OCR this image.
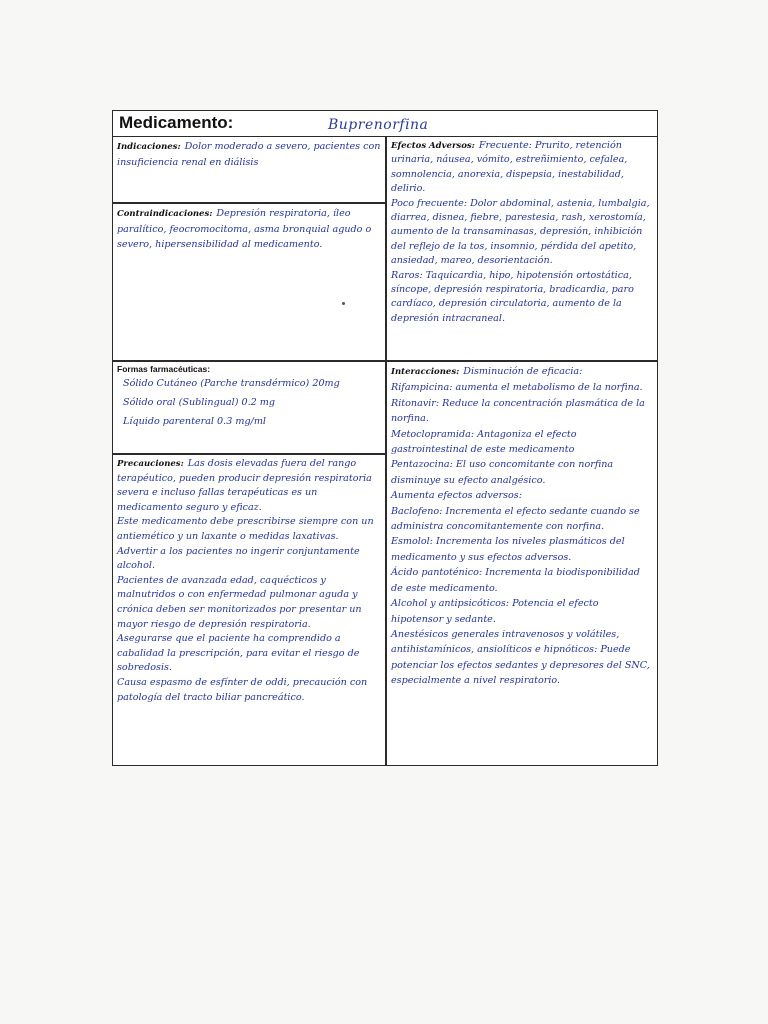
Medicamento:	Buprenorfina
Indicaciones: Dolor moderado a severo, pacientes con insuficiencia renal en diálisis
Contraindicaciones: Depresión respiratoria, íleo paralítico, feocromocitoma, asma bronquial agudo o severo, hipersensibilidad al medicamento.
Formas farmacéuticas:

Sólido Cutáneo (Parche transdérmico) 20mg

Sólido oral (Sublingual) 0.2 mg

Líquido parenteral 0.3 mg/ml

Precauciones: Las dosis elevadas fuera del rango terapéutico, pueden producir depresión respiratoria severa e incluso fallas terapéuticas es un medicamento seguro y eficaz.

Este medicamento debe prescribirse siempre con un antiemético y un laxante o medidas laxativas.

Advertir a los pacientes no ingerir conjuntamente alcohol.

Pacientes de avanzada edad, caquécticos y malnutridos o con enfermedad pulmonar aguda y crónica deben ser monitorizados por presentar un mayor riesgo de depresión respiratoria.

Asegurarse que el paciente ha comprendido a cabalidad la prescripción, para evitar el riesgo de sobredosis.

Causa espasmo de esfínter de oddi, precaución con patología del tracto biliar pancreático.

Efectos Adversos: Frecuente: Prurito, retención urinaria, náusea, vómito, estreñimiento, cefalea, somnolencia, anorexia, dispepsia, inestabilidad, delirio.

Poco frecuente: Dolor abdominal, astenia, lumbalgia, diarrea, disnea, fiebre, parestesia, rash, xerostomía, aumento de la transaminasas, depresión, inhibición del reflejo de la tos, insomnio, pérdida del apetito, ansiedad, mareo, desorientación.

Raros: Taquicardia, hipo, hipotensión ortostática, síncope, depresión respiratoria, bradicardia, paro cardíaco, depresión circulatoria, aumento de la depresión intracraneal.

Interacciones: Disminución de eficacia:

Rifampicina: aumenta el metabolismo de la norfina.

Ritonavir: Reduce la concentración plasmática de la norfina.

Metoclopramida: Antagoniza el efecto gastrointestinal de este medicamento

Pentazocina: El uso concomitante con norfina disminuye su efecto analgésico.

Aumenta efectos adversos:

Baclofeno: Incrementa el efecto sedante cuando se administra concomitantemente con norfina.

Esmolol: Incrementa los niveles plasmáticos del medicamento y sus efectos adversos.

Ácido pantoténico: Incrementa la biodisponibilidad de este medicamento.

Alcohol y antipsicóticos: Potencia el efecto hipotensor y sedante.

Anestésicos generales intravenosos y volátiles, antihistamínicos, ansiolíticos e hipnóticos: Puede potenciar los efectos sedantes y depresores del SNC, especialmente a nivel respiratorio.
